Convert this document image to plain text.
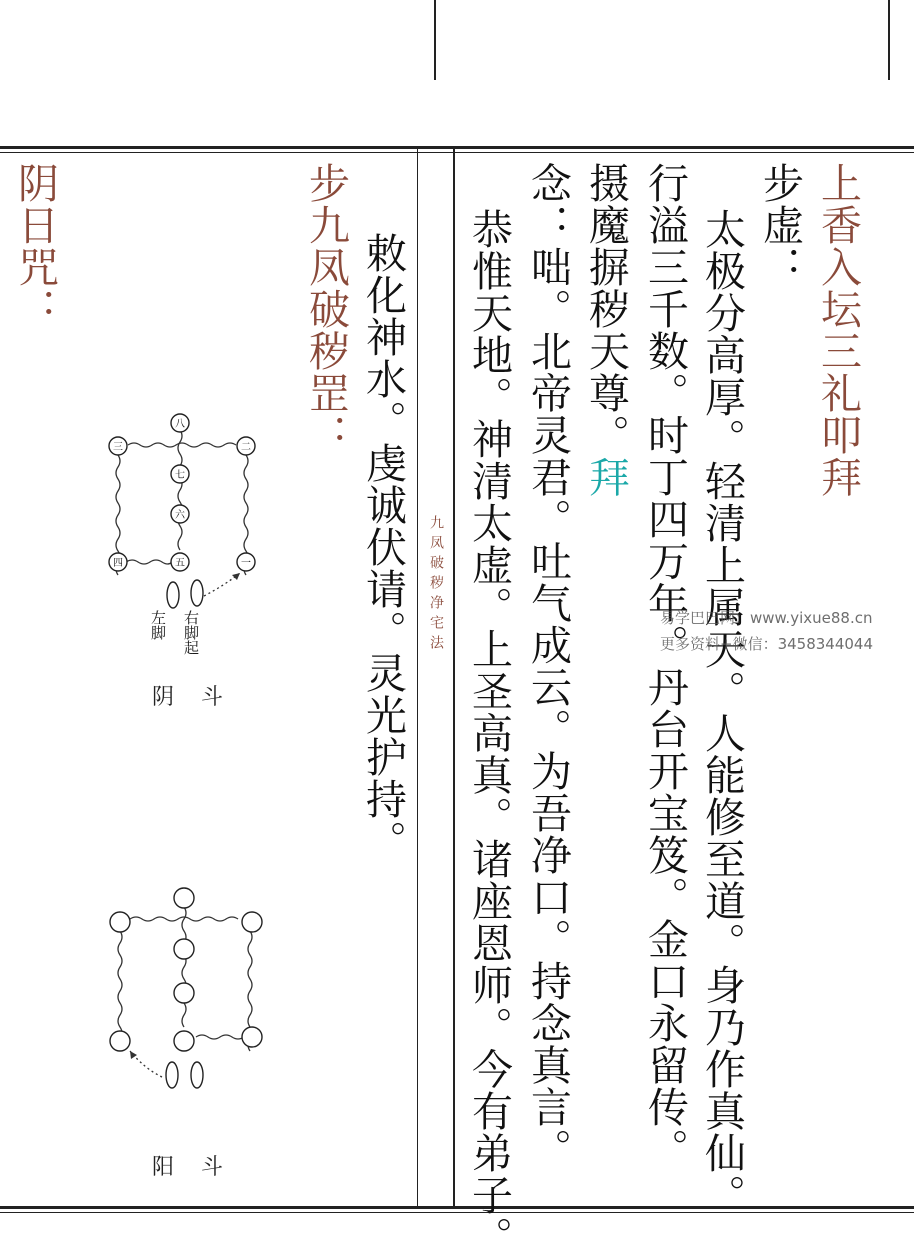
上香入坛三礼叩拜
步虚：
太极分高厚。轻清上属天。人能修至道。身乃作真仙。
行溢三千数。时丁四万年。丹台开宝笈。金口永留传。
摄魔摒秽天尊。
拜
念：咄。北帝灵君。吐气成云。为吾净口。持念真言。
恭惟天地。神清太虚。上圣高真。诸座恩师。今有弟子。
九凤破秽净宅法
步九凤破秽罡： 敕化神水。虔诚伏请。灵光护持。
阴日咒：
八
三	二
七
六
四	五	一
左脚 右脚起
阴 斗
阳 斗
易学巴巴网：www.yixue88.cn
更多资料+微信：3458344044
